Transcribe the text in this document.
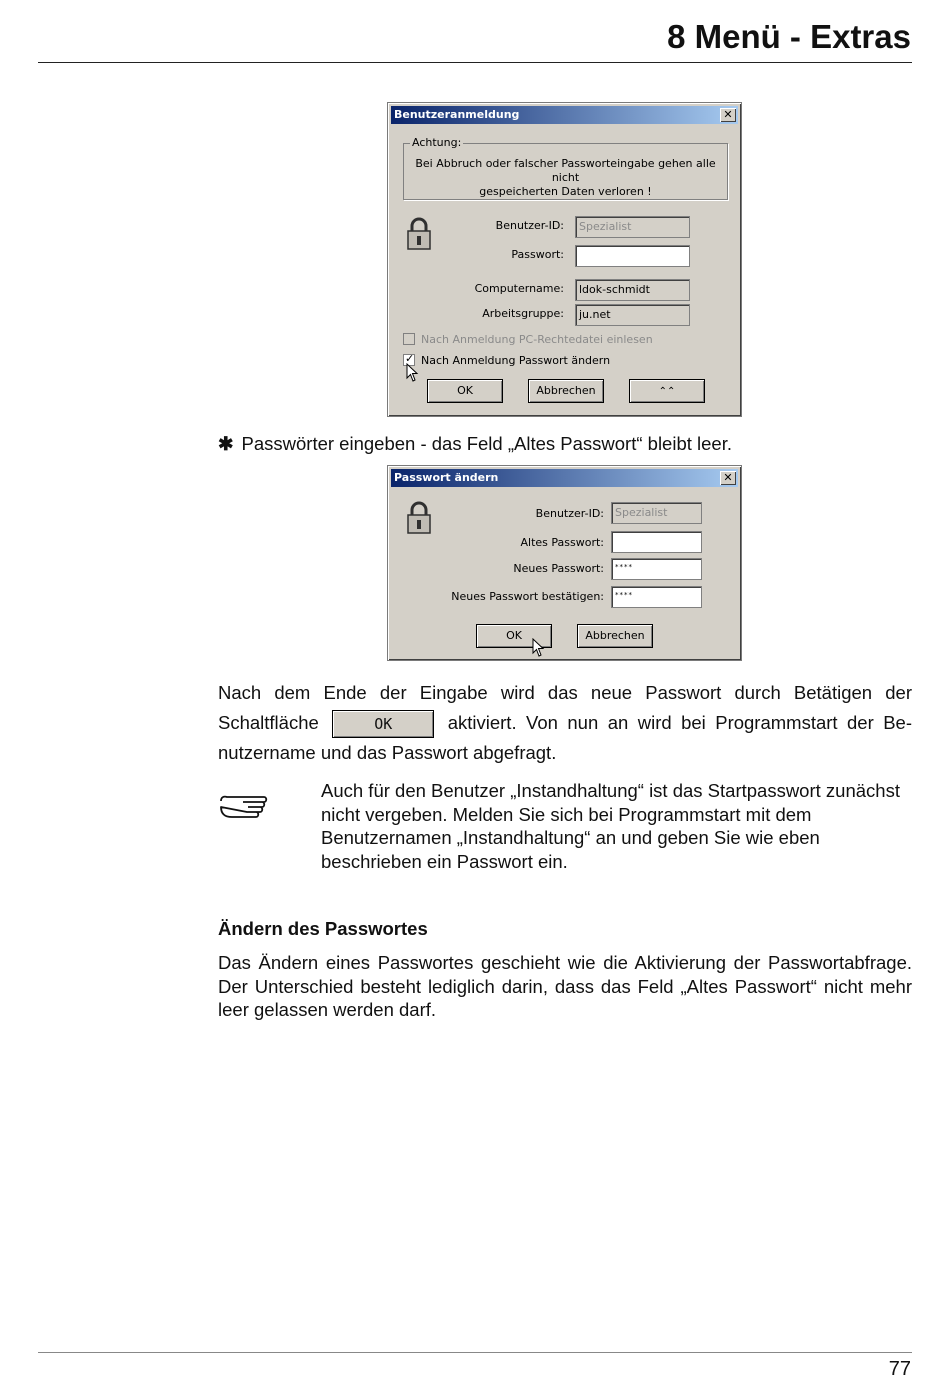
8 Menü - Extras
Benutzeranmeldung	✕
Achtung:
Bei Abbruch oder falscher Passworteingabe gehen alle nicht
gespeicherten Daten verloren !
Benutzer-ID:	Spezialist
Passwort:
Computername:	ldok-schmidt
Arbeitsgruppe:	ju.net
Nach Anmeldung PC-Rechtedatei einlesen
✓Nach Anmeldung Passwort ändern
OK	Abbrechen	⌃⌃
✱ Passwörter eingeben - das Feld „Altes Passwort“ bleibt leer.
Passwort ändern	✕
Benutzer-ID:	Spezialist
Altes Passwort:
Neues Passwort:	****
Neues Passwort bestätigen:	****
OK	Abbrechen
Nach dem Ende der Eingabe wird das neue Passwort durch Betätigen der Schaltfläche	OK	aktiviert. Von nun an wird bei Programmstart der Benutzername und das Passwort abgefragt.
Auch für den Benutzer „Instandhaltung“ ist das Startpasswort zunächst nicht vergeben. Melden Sie sich bei Programmstart mit dem Benutzernamen „Instandhaltung“ an und geben Sie wie eben beschrieben ein Passwort ein.
Ändern des Passwortes
Das Ändern eines Passwortes geschieht wie die Aktivierung der Passwortabfrage. Der Unterschied besteht lediglich darin, dass das Feld „Altes Passwort“ nicht mehr leer gelassen werden darf.
77
